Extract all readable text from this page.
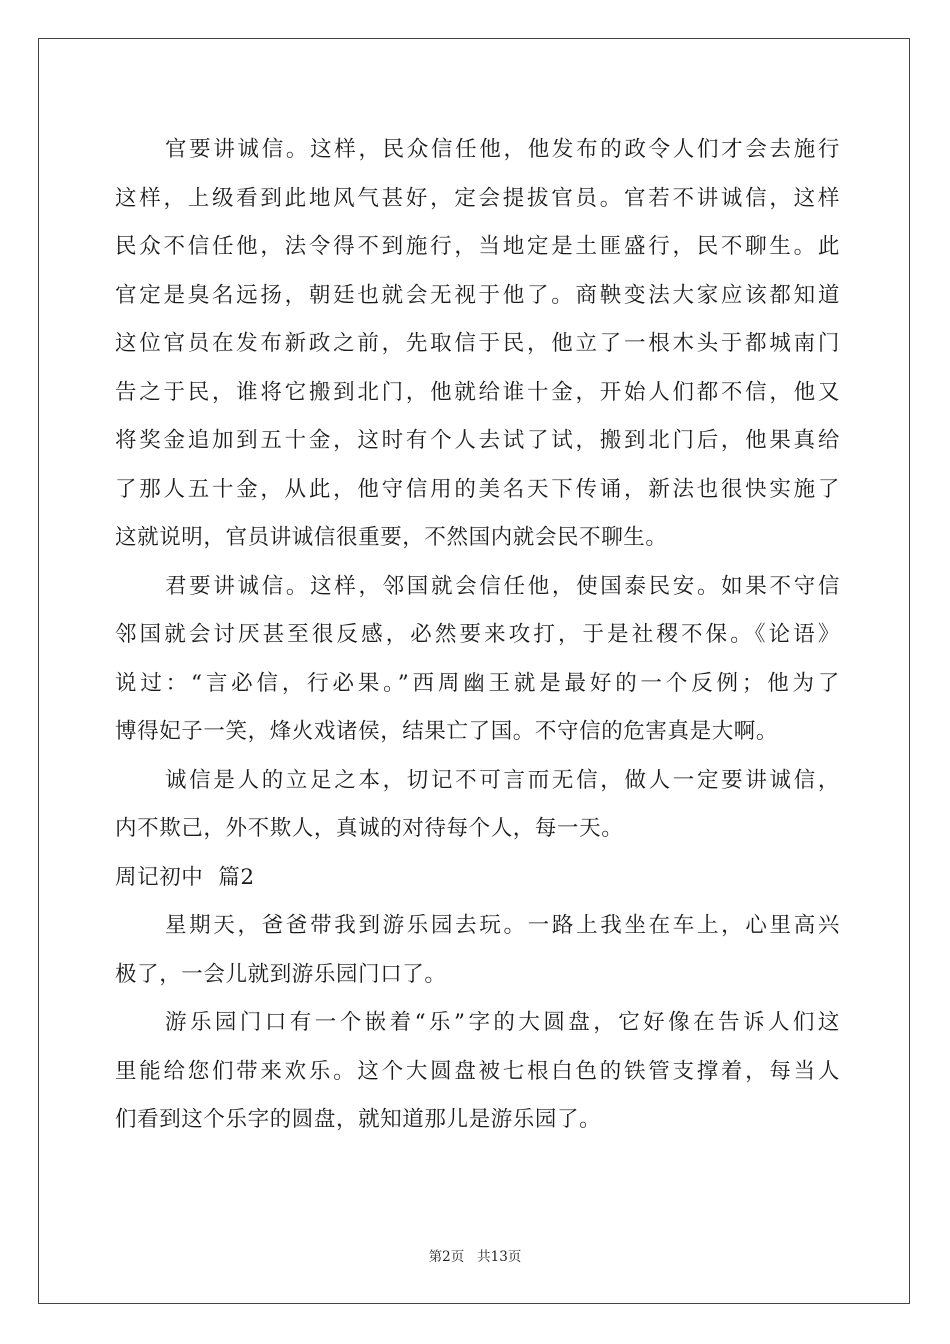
官要讲诚信。这样，民众信任他，他发布的政令人们才会去施行
这样，上级看到此地风气甚好，定会提拔官员。官若不讲诚信，这样
民众不信任他，法令得不到施行，当地定是土匪盛行，民不聊生。此
官定是臭名远扬，朝廷也就会无视于他了。商鞅变法大家应该都知道
这位官员在发布新政之前，先取信于民，他立了一根木头于都城南门
告之于民，谁将它搬到北门，他就给谁十金，开始人们都不信，他又
将奖金追加到五十金，这时有个人去试了试，搬到北门后，他果真给
了那人五十金，从此，他守信用的美名天下传诵，新法也很快实施了
这就说明，官员讲诚信很重要，不然国内就会民不聊生。
君要讲诚信。这样，邻国就会信任他，使国泰民安。如果不守信
邻国就会讨厌甚至很反感，必然要来攻打，于是社稷不保。《论语》
说过：“言必信，行必果。”西周幽王就是最好的一个反例；他为了
博得妃子一笑，烽火戏诸侯，结果亡了国。不守信的危害真是大啊。
诚信是人的立足之本，切记不可言而无信，做人一定要讲诚信，
内不欺己，外不欺人，真诚的对待每个人，每一天。
周记初中  篇2
星期天，爸爸带我到游乐园去玩。一路上我坐在车上，心里高兴
极了，一会儿就到游乐园门口了。
游乐园门口有一个嵌着“乐”字的大圆盘，它好像在告诉人们这
里能给您们带来欢乐。这个大圆盘被七根白色的铁管支撑着，每当人
们看到这个乐字的圆盘，就知道那儿是游乐园了。
第2页   共13页
